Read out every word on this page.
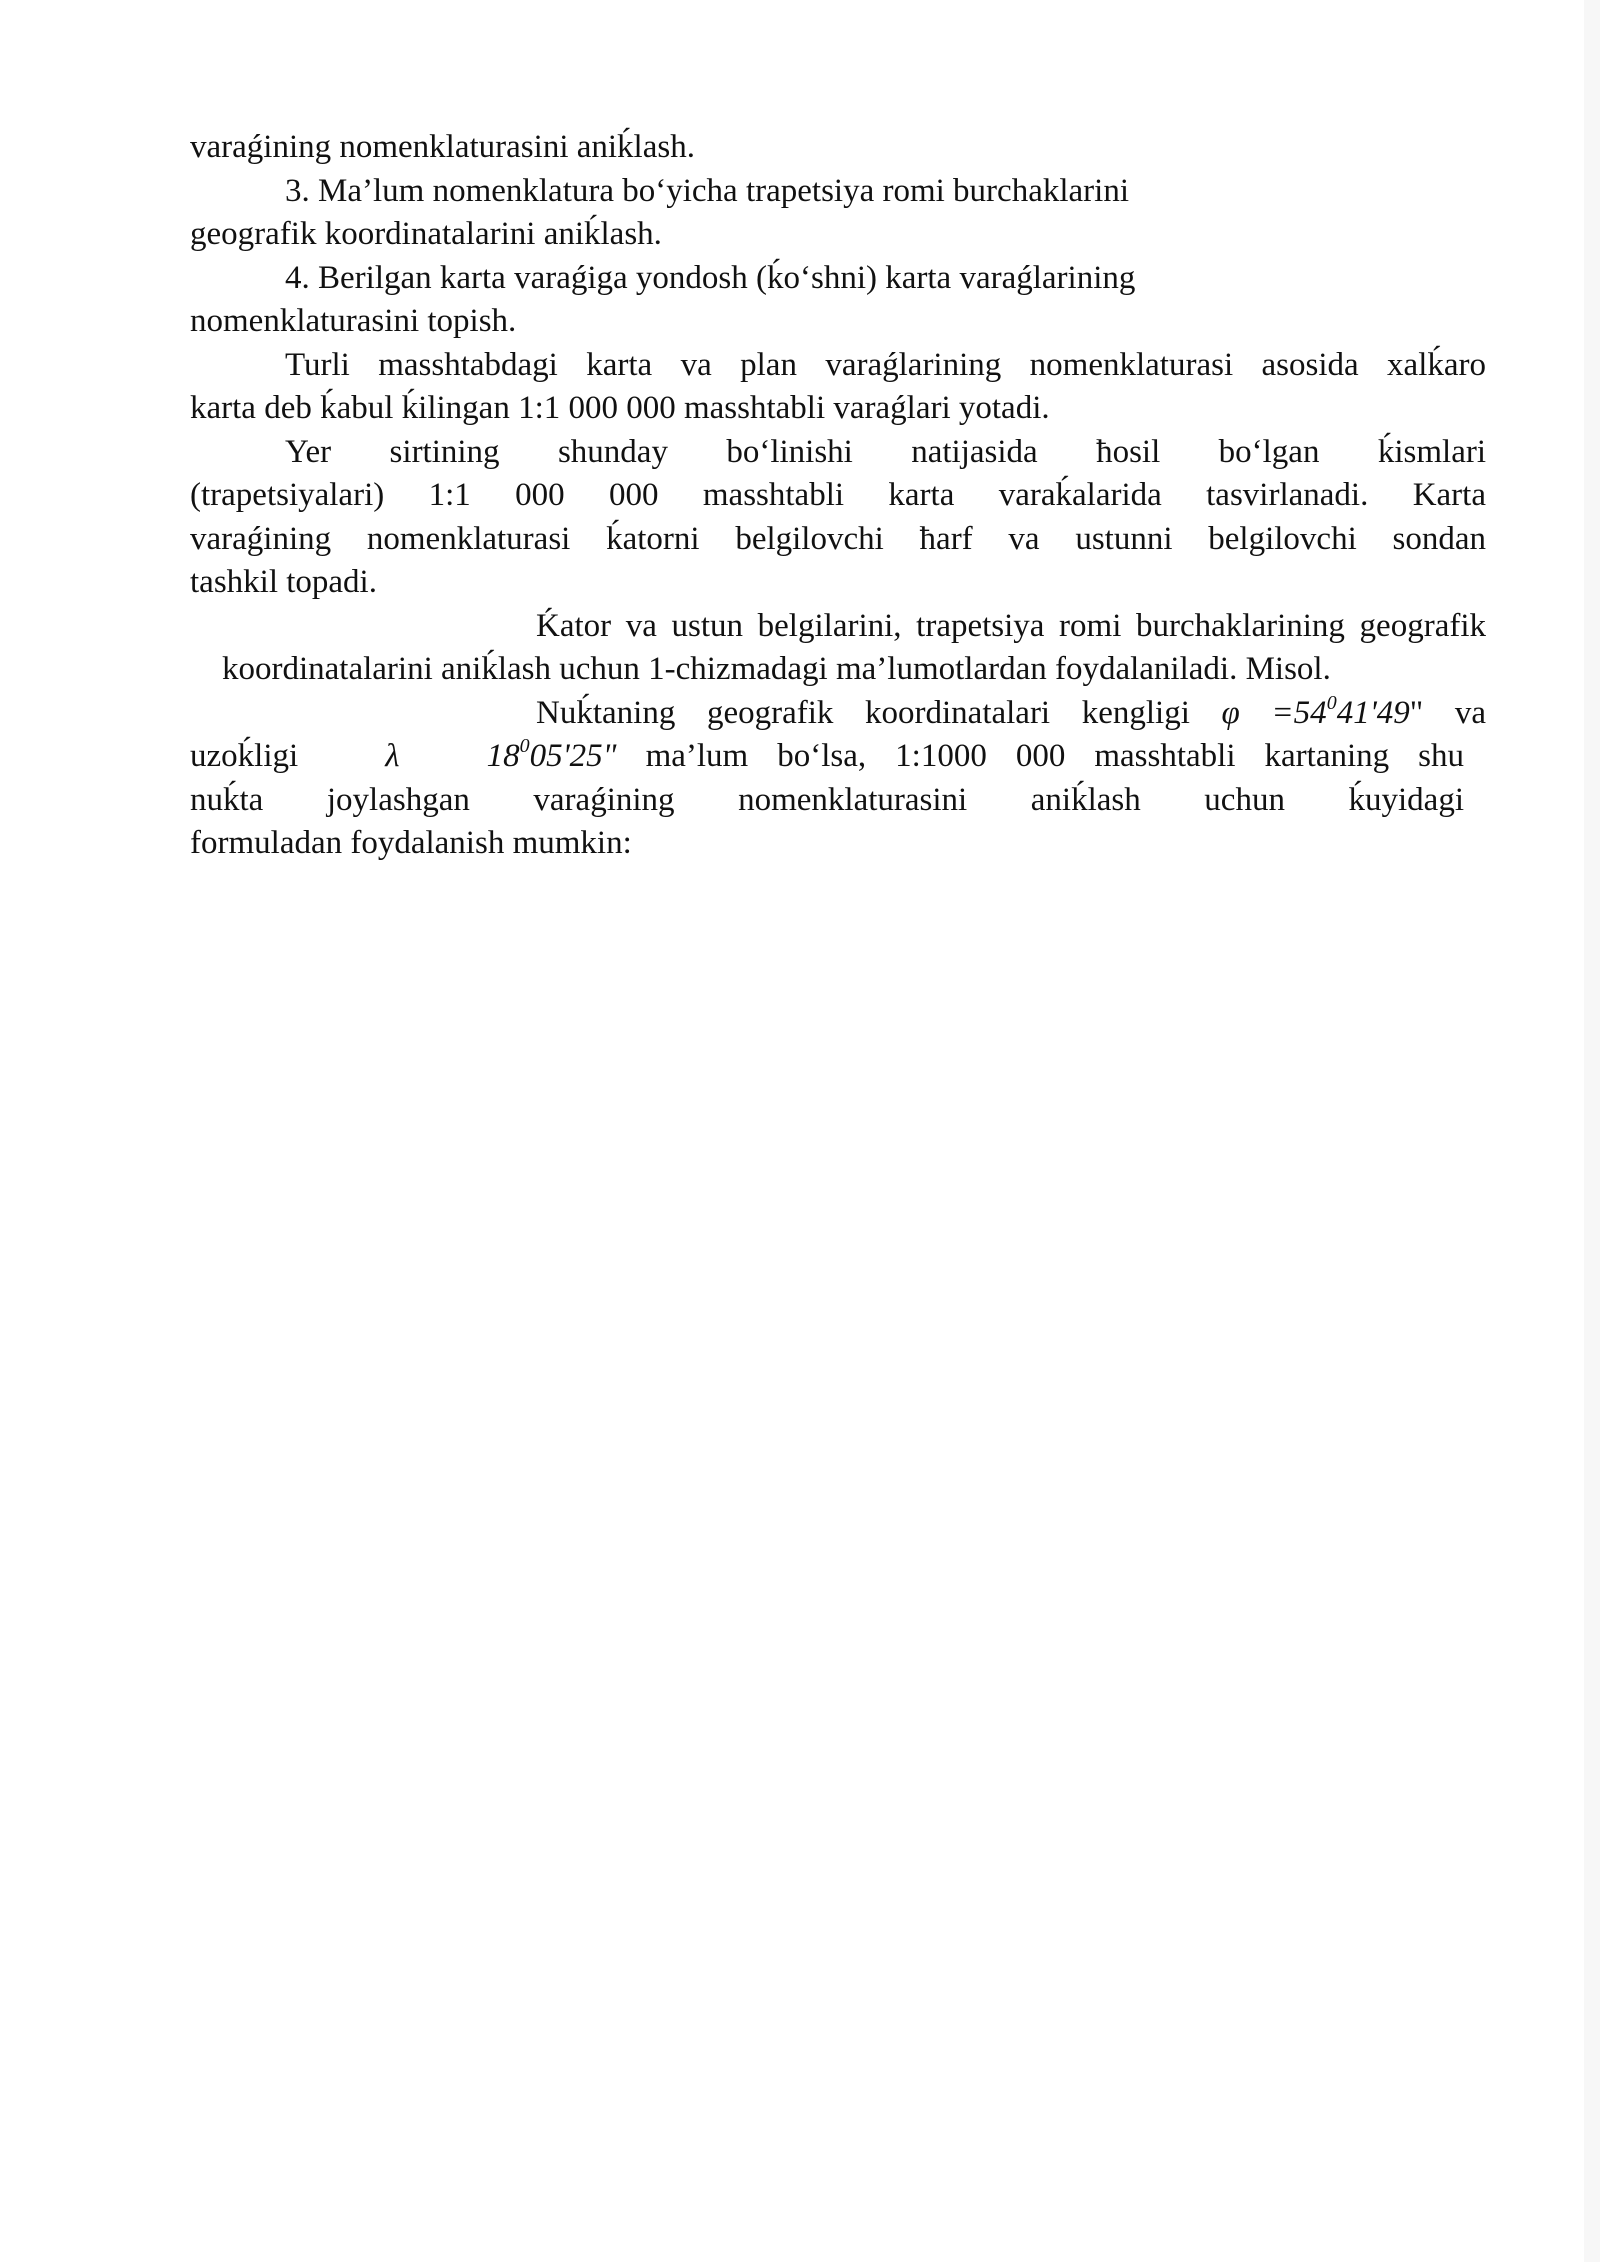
varaǵining nomenklaturasini aniḱlash.
3. Ma’lum nomenklatura bo‘yicha trapetsiya romi burchaklarini
geografik koordinatalarini aniḱlash.
4. Berilgan karta varaǵiga yondosh (ḱo‘shni) karta varaǵlarining
nomenklaturasini topish.
Turli masshtabdagi karta va plan varaǵlarining nomenklaturasi asosida xalḱaro
karta deb ḱabul ḱilingan 1:1 000 000 masshtabli varaǵlari yotadi.
Yer sirtining shunday bo‘linishi natijasida ħosil bo‘lgan ḱismlari
(trapetsiyalari) 1:1 000 000 masshtabli karta varaḱalarida tasvirlanadi. Karta
varaǵining nomenklaturasi ḱatorni belgilovchi ħarf va ustunni belgilovchi sondan
tashkil topadi.
Ḱator va ustun belgilarini, trapetsiya romi burchaklarining geografik
koordinatalarini aniḱlash uchun 1-chizmadagi ma’lumotlardan foydalaniladi. Misol.
Nuḱtaning geografik koordinatalari kengligi $\varphi =54^041'49$" va
uzoḱligi	λ	$18^005'25$" ma’lum bo‘lsa, 1:1000 000 masshtabli kartaning shu
nuḱta joylashgan varaǵining nomenklaturasini aniḱlash uchun ḱuyidagi
formuladan foydalanish mumkin:
